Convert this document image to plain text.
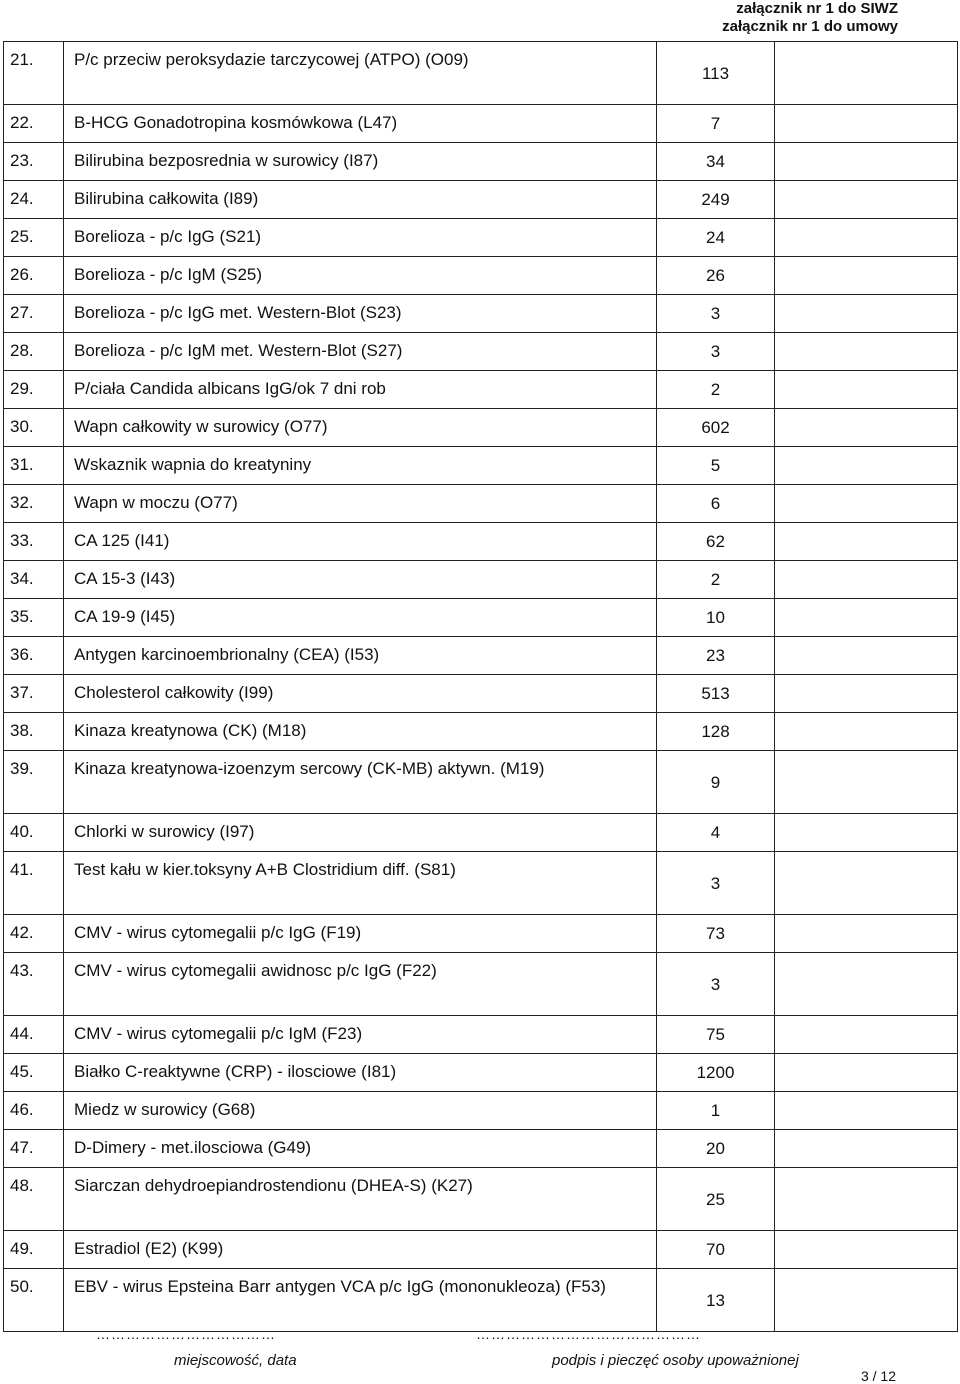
załącznik nr 1 do SIWZ
załącznik nr 1 do umowy
21.	P/c przeciw peroksydazie tarczycowej (ATPO) (O09)	113	
22.	B-HCG Gonadotropina kosmówkowa (L47)	7	
23.	Bilirubina bezposrednia w surowicy (I87)	34	
24.	Bilirubina całkowita (I89)	249	
25.	Borelioza - p/c IgG (S21)	24	
26.	Borelioza - p/c IgM (S25)	26	
27.	Borelioza - p/c IgG met. Western-Blot (S23)	3	
28.	Borelioza - p/c IgM met. Western-Blot (S27)	3	
29.	P/ciała Candida albicans IgG/ok 7 dni rob	2	
30.	Wapn całkowity w surowicy (O77)	602	
31.	Wskaznik wapnia do kreatyniny	5	
32.	Wapn w moczu (O77)	6	
33.	CA 125 (I41)	62	
34.	CA 15-3 (I43)	2	
35.	CA 19-9 (I45)	10	
36.	Antygen karcinoembrionalny (CEA) (I53)	23	
37.	Cholesterol całkowity (I99)	513	
38.	Kinaza kreatynowa (CK) (M18)	128	
39.	Kinaza kreatynowa-izoenzym sercowy (CK-MB) aktywn. (M19)	9	
40.	Chlorki w surowicy (I97)	4	
41.	Test kału w kier.toksyny A+B Clostridium diff. (S81)	3	
42.	CMV - wirus cytomegalii p/c IgG (F19)	73	
43.	CMV - wirus cytomegalii awidnosc p/c IgG (F22)	3	
44.	CMV - wirus cytomegalii p/c IgM (F23)	75	
45.	Białko C-reaktywne (CRP) - ilosciowe (I81)	1200	
46.	Miedz w surowicy (G68)	1	
47.	D-Dimery - met.ilosciowa (G49)	20	
48.	Siarczan dehydroepiandrostendionu (DHEA-S) (K27)	25	
49.	Estradiol (E2) (K99)	70	
50.	EBV - wirus Epsteina Barr antygen VCA p/c IgG (mononukleoza) (F53)	13	
………………………………	………………………………………
miejscowość, data	podpis i pieczęć osoby upoważnionej
3 / 12
